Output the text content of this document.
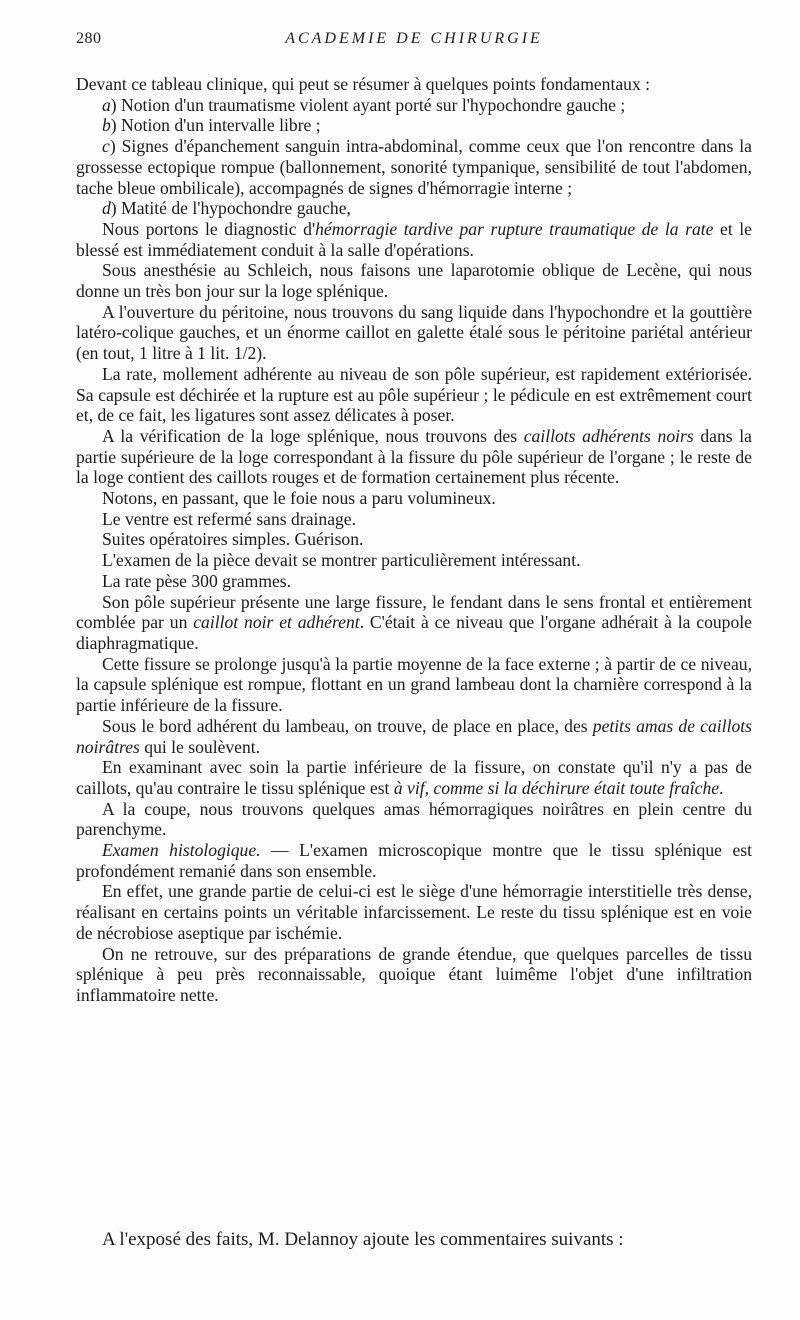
280	ACADEMIE DE CHIRURGIE

Devant ce tableau clinique, qui peut se résumer à quelques points fondamentaux :

a) Notion d'un traumatisme violent ayant porté sur l'hypochondre gauche ;

b) Notion d'un intervalle libre ;

c) Signes d'épanchement sanguin intra-abdominal, comme ceux que l'on rencontre dans la grossesse ectopique rompue (ballonnement, sonorité tympanique, sensibilité de tout l'abdomen, tache bleue ombilicale), accompagnés de signes d'hémorragie interne ;

d) Matité de l'hypochondre gauche,

Nous portons le diagnostic d'hémorragie tardive par rupture traumatique de la rate et le blessé est immédiatement conduit à la salle d'opérations.

Sous anesthésie au Schleich, nous faisons une laparotomie oblique de Lecène, qui nous donne un très bon jour sur la loge splénique.

A l'ouverture du péritoine, nous trouvons du sang liquide dans l'hypochondre et la gouttière latéro-colique gauches, et un énorme caillot en galette étalé sous le péritoine pariétal antérieur (en tout, 1 litre à 1 lit. 1/2).

La rate, mollement adhérente au niveau de son pôle supérieur, est rapidement extériorisée. Sa capsule est déchirée et la rupture est au pôle supérieur ; le pédicule en est extrêmement court et, de ce fait, les ligatures sont assez délicates à poser.

A la vérification de la loge splénique, nous trouvons des caillots adhérents noirs dans la partie supérieure de la loge correspondant à la fissure du pôle supérieur de l'organe ; le reste de la loge contient des caillots rouges et de formation certainement plus récente.

Notons, en passant, que le foie nous a paru volumineux.

Le ventre est refermé sans drainage.

Suites opératoires simples. Guérison.

L'examen de la pièce devait se montrer particulièrement intéressant.

La rate pèse 300 grammes.

Son pôle supérieur présente une large fissure, le fendant dans le sens frontal et entièrement comblée par un caillot noir et adhérent. C'était à ce niveau que l'organe adhérait à la coupole diaphragmatique.

Cette fissure se prolonge jusqu'à la partie moyenne de la face externe ; à partir de ce niveau, la capsule splénique est rompue, flottant en un grand lambeau dont la charnière correspond à la partie inférieure de la fissure.

Sous le bord adhérent du lambeau, on trouve, de place en place, des petits amas de caillots noirâtres qui le soulèvent.

En examinant avec soin la partie inférieure de la fissure, on constate qu'il n'y a pas de caillots, qu'au contraire le tissu splénique est à vif, comme si la déchirure était toute fraîche.

A la coupe, nous trouvons quelques amas hémorragiques noirâtres en plein centre du parenchyme.

Examen histologique. — L'examen microscopique montre que le tissu splénique est profondément remanié dans son ensemble.

En effet, une grande partie de celui-ci est le siège d'une hémorragie interstitielle très dense, réalisant en certains points un véritable infarcissement. Le reste du tissu splénique est en voie de nécrobiose aseptique par ischémie.

On ne retrouve, sur des préparations de grande étendue, que quelques parcelles de tissu splénique à peu près reconnaissable, quoique étant luimême l'objet d'une infiltration inflammatoire nette.

A l'exposé des faits, M. Delannoy ajoute les commentaires suivants :
